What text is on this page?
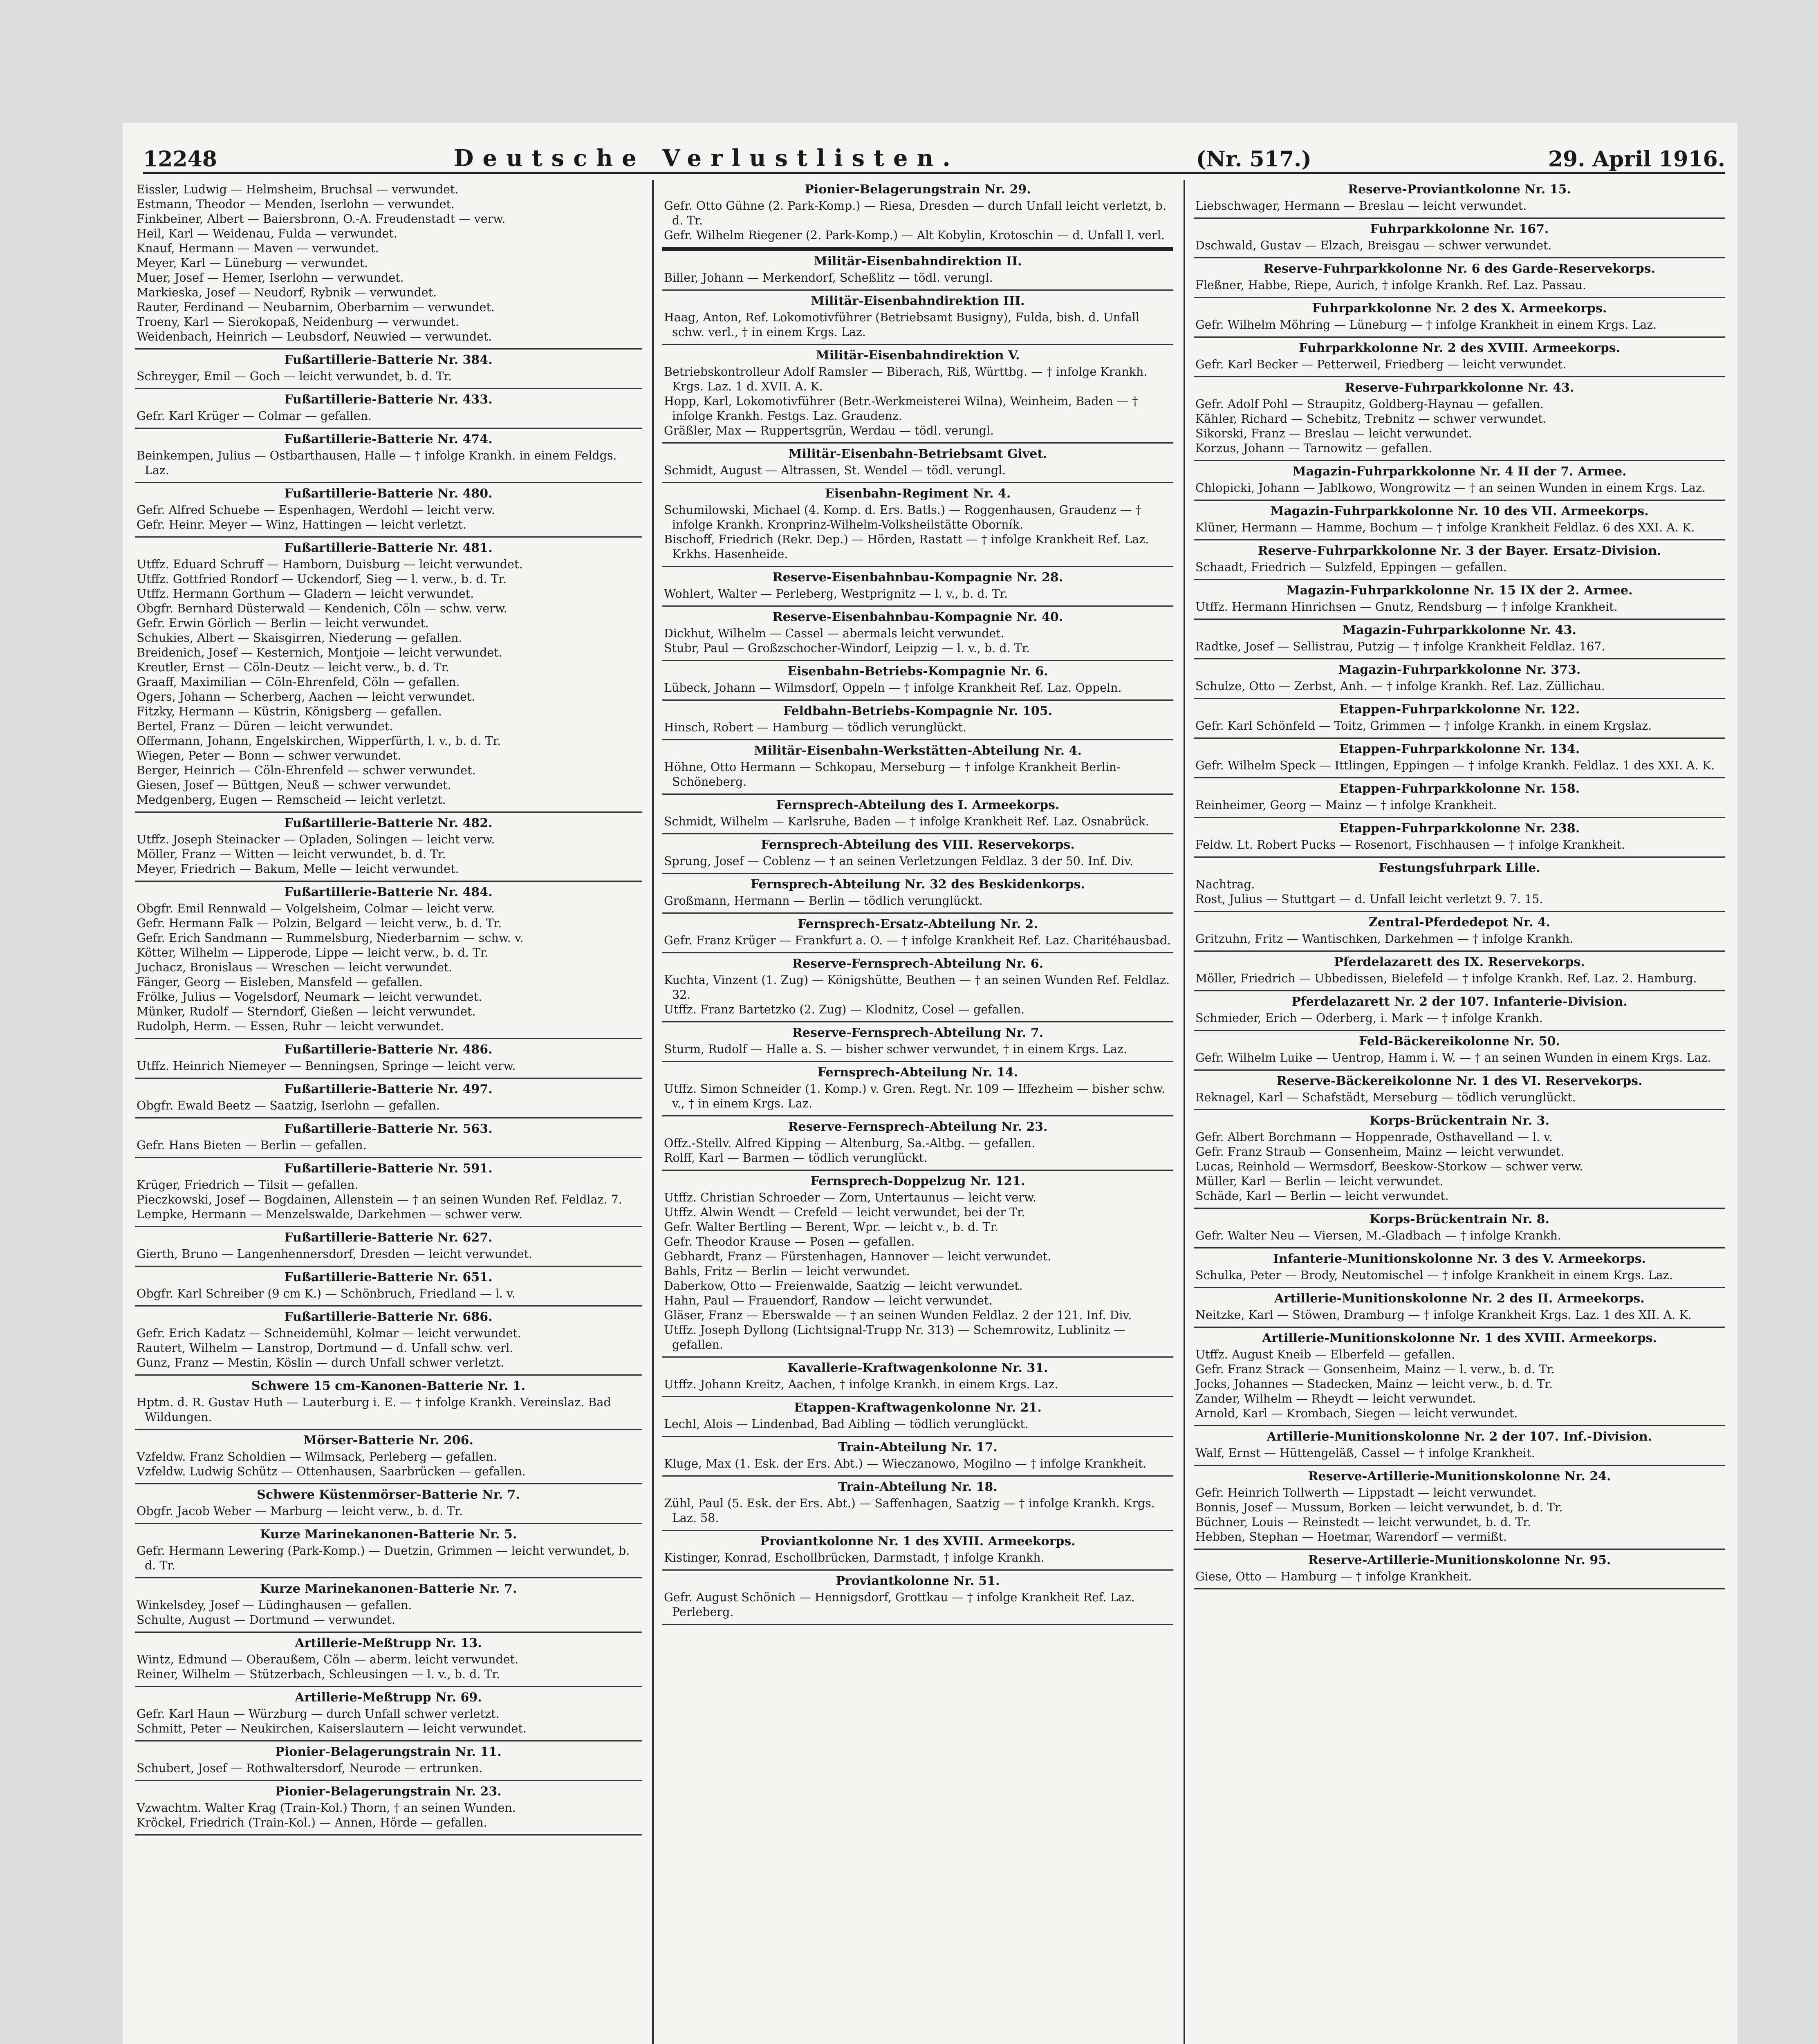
12248	Deutsche Verlustlisten.	(Nr. 517.)	29. April 1916.

Eissler, Ludwig — Helmsheim, Bruchsal — verwundet.

Estmann, Theodor — Menden, Iserlohn — verwundet.

Finkbeiner, Albert — Baiersbronn, O.-A. Freudenstadt — verw.

Heil, Karl — Weidenau, Fulda — verwundet.

Knauf, Hermann — Maven — verwundet.

Meyer, Karl — Lüneburg — verwundet.

Muer, Josef — Hemer, Iserlohn — verwundet.

Markieska, Josef — Neudorf, Rybnik — verwundet.

Rauter, Ferdinand — Neubarnim, Oberbarnim — verwundet.

Troeny, Karl — Sierokopaß, Neidenburg — verwundet.

Weidenbach, Heinrich — Leubsdorf, Neuwied — verwundet.

Fußartillerie-Batterie Nr. 384.

Schreyger, Emil — Goch — leicht verwundet, b. d. Tr.

Fußartillerie-Batterie Nr. 433.

Gefr. Karl Krüger — Colmar — gefallen.

Fußartillerie-Batterie Nr. 474.

Beinkempen, Julius — Ostbarthausen, Halle — † infolge Krankh. in einem Feldgs. Laz.

Fußartillerie-Batterie Nr. 480.

Gefr. Alfred Schuebe — Espenhagen, Werdohl — leicht verw.

Gefr. Heinr. Meyer — Winz, Hattingen — leicht verletzt.

Fußartillerie-Batterie Nr. 481.

Utffz. Eduard Schruff — Hamborn, Duisburg — leicht verwundet.

Utffz. Gottfried Rondorf — Uckendorf, Sieg — l. verw., b. d. Tr.

Utffz. Hermann Gorthum — Gladern — leicht verwundet.

Obgfr. Bernhard Düsterwald — Kendenich, Cöln — schw. verw.

Gefr. Erwin Görlich — Berlin — leicht verwundet.

Schukies, Albert — Skaisgirren, Niederung — gefallen.

Breidenich, Josef — Kesternich, Montjoie — leicht verwundet.

Kreutler, Ernst — Cöln-Deutz — leicht verw., b. d. Tr.

Graaff, Maximilian — Cöln-Ehrenfeld, Cöln — gefallen.

Ogers, Johann — Scherberg, Aachen — leicht verwundet.

Fitzky, Hermann — Küstrin, Königsberg — gefallen.

Bertel, Franz — Düren — leicht verwundet.

Offermann, Johann, Engelskirchen, Wipperfürth, l. v., b. d. Tr.

Wiegen, Peter — Bonn — schwer verwundet.

Berger, Heinrich — Cöln-Ehrenfeld — schwer verwundet.

Giesen, Josef — Büttgen, Neuß — schwer verwundet.

Medgenberg, Eugen — Remscheid — leicht verletzt.

Fußartillerie-Batterie Nr. 482.

Utffz. Joseph Steinacker — Opladen, Solingen — leicht verw.

Möller, Franz — Witten — leicht verwundet, b. d. Tr.

Meyer, Friedrich — Bakum, Melle — leicht verwundet.

Fußartillerie-Batterie Nr. 484.

Obgfr. Emil Rennwald — Volgelsheim, Colmar — leicht verw.

Gefr. Hermann Falk — Polzin, Belgard — leicht verw., b. d. Tr.

Gefr. Erich Sandmann — Rummelsburg, Niederbarnim — schw. v.

Kötter, Wilhelm — Lipperode, Lippe — leicht verw., b. d. Tr.

Juchacz, Bronislaus — Wreschen — leicht verwundet.

Fänger, Georg — Eisleben, Mansfeld — gefallen.

Frölke, Julius — Vogelsdorf, Neumark — leicht verwundet.

Münker, Rudolf — Sterndorf, Gießen — leicht verwundet.

Rudolph, Herm. — Essen, Ruhr — leicht verwundet.

Fußartillerie-Batterie Nr. 486.

Utffz. Heinrich Niemeyer — Benningsen, Springe — leicht verw.

Fußartillerie-Batterie Nr. 497.

Obgfr. Ewald Beetz — Saatzig, Iserlohn — gefallen.

Fußartillerie-Batterie Nr. 563.

Gefr. Hans Bieten — Berlin — gefallen.

Fußartillerie-Batterie Nr. 591.

Krüger, Friedrich — Tilsit — gefallen.

Pieczkowski, Josef — Bogdainen, Allenstein — † an seinen Wunden Ref. Feldlaz. 7.

Lempke, Hermann — Menzelswalde, Darkehmen — schwer verw.

Fußartillerie-Batterie Nr. 627.

Gierth, Bruno — Langenhennersdorf, Dresden — leicht verwundet.

Fußartillerie-Batterie Nr. 651.

Obgfr. Karl Schreiber (9 cm K.) — Schönbruch, Friedland — l. v.

Fußartillerie-Batterie Nr. 686.

Gefr. Erich Kadatz — Schneidemühl, Kolmar — leicht verwundet.

Rautert, Wilhelm — Lanstrop, Dortmund — d. Unfall schw. verl.

Gunz, Franz — Mestin, Köslin — durch Unfall schwer verletzt.

Schwere 15 cm-Kanonen-Batterie Nr. 1.

Hptm. d. R. Gustav Huth — Lauterburg i. E. — † infolge Krankh. Vereinslaz. Bad Wildungen.

Mörser-Batterie Nr. 206.

Vzfeldw. Franz Scholdien — Wilmsack, Perleberg — gefallen.

Vzfeldw. Ludwig Schütz — Ottenhausen, Saarbrücken — gefallen.

Schwere Küstenmörser-Batterie Nr. 7.

Obgfr. Jacob Weber — Marburg — leicht verw., b. d. Tr.

Kurze Marinekanonen-Batterie Nr. 5.

Gefr. Hermann Lewering (Park-Komp.) — Duetzin, Grimmen — leicht verwundet, b. d. Tr.

Kurze Marinekanonen-Batterie Nr. 7.

Winkelsdey, Josef — Lüdinghausen — gefallen.

Schulte, August — Dortmund — verwundet.

Artillerie-Meßtrupp Nr. 13.

Wintz, Edmund — Oberaußem, Cöln — aberm. leicht verwundet.

Reiner, Wilhelm — Stützerbach, Schleusingen — l. v., b. d. Tr.

Artillerie-Meßtrupp Nr. 69.

Gefr. Karl Haun — Würzburg — durch Unfall schwer verletzt.

Schmitt, Peter — Neukirchen, Kaiserslautern — leicht verwundet.

Pionier-Belagerungstrain Nr. 11.

Schubert, Josef — Rothwaltersdorf, Neurode — ertrunken.

Pionier-Belagerungstrain Nr. 23.

Vzwachtm. Walter Krag (Train-Kol.) Thorn, † an seinen Wunden.

Kröckel, Friedrich (Train-Kol.) — Annen, Hörde — gefallen.

Pionier-Belagerungstrain Nr. 29.

Gefr. Otto Gühne (2. Park-Komp.) — Riesa, Dresden — durch Unfall leicht verletzt, b. d. Tr.

Gefr. Wilhelm Riegener (2. Park-Komp.) — Alt Kobylin, Krotoschin — d. Unfall l. verl.

Militär-Eisenbahndirektion II.

Biller, Johann — Merkendorf, Scheßlitz — tödl. verungl.

Militär-Eisenbahndirektion III.

Haag, Anton, Ref. Lokomotivführer (Betriebsamt Busigny), Fulda, bish. d. Unfall schw. verl., † in einem Krgs. Laz.

Militär-Eisenbahndirektion V.

Betriebskontrolleur Adolf Ramsler — Biberach, Riß, Württbg. — † infolge Krankh. Krgs. Laz. 1 d. XVII. A. K.

Hopp, Karl, Lokomotivführer (Betr.-Werkmeisterei Wilna), Weinheim, Baden — † infolge Krankh. Festgs. Laz. Graudenz.

Gräßler, Max — Ruppertsgrün, Werdau — tödl. verungl.

Militär-Eisenbahn-Betriebsamt Givet.

Schmidt, August — Altrassen, St. Wendel — tödl. verungl.

Eisenbahn-Regiment Nr. 4.

Schumilowski, Michael (4. Komp. d. Ers. Batls.) — Roggenhausen, Graudenz — † infolge Krankh. Kronprinz-Wilhelm-Volksheilstätte Oborník.

Bischoff, Friedrich (Rekr. Dep.) — Hörden, Rastatt — † infolge Krankheit Ref. Laz. Krkhs. Hasenheide.

Reserve-Eisenbahnbau-Kompagnie Nr. 28.

Wohlert, Walter — Perleberg, Westprignitz — l. v., b. d. Tr.

Reserve-Eisenbahnbau-Kompagnie Nr. 40.

Dickhut, Wilhelm — Cassel — abermals leicht verwundet.

Stubr, Paul — Großzschocher-Windorf, Leipzig — l. v., b. d. Tr.

Eisenbahn-Betriebs-Kompagnie Nr. 6.

Lübeck, Johann — Wilmsdorf, Oppeln — † infolge Krankheit Ref. Laz. Oppeln.

Feldbahn-Betriebs-Kompagnie Nr. 105.

Hinsch, Robert — Hamburg — tödlich verunglückt.

Militär-Eisenbahn-Werkstätten-Abteilung Nr. 4.

Höhne, Otto Hermann — Schkopau, Merseburg — † infolge Krankheit Berlin-Schöneberg.

Fernsprech-Abteilung des I. Armeekorps.

Schmidt, Wilhelm — Karlsruhe, Baden — † infolge Krankheit Ref. Laz. Osnabrück.

Fernsprech-Abteilung des VIII. Reservekorps.

Sprung, Josef — Coblenz — † an seinen Verletzungen Feldlaz. 3 der 50. Inf. Div.

Fernsprech-Abteilung Nr. 32 des Beskidenkorps.

Großmann, Hermann — Berlin — tödlich verunglückt.

Fernsprech-Ersatz-Abteilung Nr. 2.

Gefr. Franz Krüger — Frankfurt a. O. — † infolge Krankheit Ref. Laz. Charitéhausbad.

Reserve-Fernsprech-Abteilung Nr. 6.

Kuchta, Vinzent (1. Zug) — Königshütte, Beuthen — † an seinen Wunden Ref. Feldlaz. 32.

Utffz. Franz Bartetzko (2. Zug) — Klodnitz, Cosel — gefallen.

Reserve-Fernsprech-Abteilung Nr. 7.

Sturm, Rudolf — Halle a. S. — bisher schwer verwundet, † in einem Krgs. Laz.

Fernsprech-Abteilung Nr. 14.

Utffz. Simon Schneider (1. Komp.) v. Gren. Regt. Nr. 109 — Iffezheim — bisher schw. v., † in einem Krgs. Laz.

Reserve-Fernsprech-Abteilung Nr. 23.

Offz.-Stellv. Alfred Kipping — Altenburg, Sa.-Altbg. — gefallen.

Rolff, Karl — Barmen — tödlich verunglückt.

Fernsprech-Doppelzug Nr. 121.

Utffz. Christian Schroeder — Zorn, Untertaunus — leicht verw.

Utffz. Alwin Wendt — Crefeld — leicht verwundet, bei der Tr.

Gefr. Walter Bertling — Berent, Wpr. — leicht v., b. d. Tr.

Gefr. Theodor Krause — Posen — gefallen.

Gebhardt, Franz — Fürstenhagen, Hannover — leicht verwundet.

Bahls, Fritz — Berlin — leicht verwundet.

Daberkow, Otto — Freienwalde, Saatzig — leicht verwundet.

Hahn, Paul — Frauendorf, Randow — leicht verwundet.

Gläser, Franz — Eberswalde — † an seinen Wunden Feldlaz. 2 der 121. Inf. Div.

Utffz. Joseph Dyllong (Lichtsignal-Trupp Nr. 313) — Schemrowitz, Lublinitz — gefallen.

Kavallerie-Kraftwagenkolonne Nr. 31.

Utffz. Johann Kreitz, Aachen, † infolge Krankh. in einem Krgs. Laz.

Etappen-Kraftwagenkolonne Nr. 21.

Lechl, Alois — Lindenbad, Bad Aibling — tödlich verunglückt.

Train-Abteilung Nr. 17.

Kluge, Max (1. Esk. der Ers. Abt.) — Wieczanowo, Mogilno — † infolge Krankheit.

Train-Abteilung Nr. 18.

Zühl, Paul (5. Esk. der Ers. Abt.) — Saffenhagen, Saatzig — † infolge Krankh. Krgs. Laz. 58.

Proviantkolonne Nr. 1 des XVIII. Armeekorps.

Kistinger, Konrad, Eschollbrücken, Darmstadt, † infolge Krankh.

Proviantkolonne Nr. 51.

Gefr. August Schönich — Hennigsdorf, Grottkau — † infolge Krankheit Ref. Laz. Perleberg.

Reserve-Proviantkolonne Nr. 15.

Liebschwager, Hermann — Breslau — leicht verwundet.

Fuhrparkkolonne Nr. 167.

Dschwald, Gustav — Elzach, Breisgau — schwer verwundet.

Reserve-Fuhrparkkolonne Nr. 6 des Garde-Reservekorps.

Fleßner, Habbe, Riepe, Aurich, † infolge Krankh. Ref. Laz. Passau.

Fuhrparkkolonne Nr. 2 des X. Armeekorps.

Gefr. Wilhelm Möhring — Lüneburg — † infolge Krankheit in einem Krgs. Laz.

Fuhrparkkolonne Nr. 2 des XVIII. Armeekorps.

Gefr. Karl Becker — Petterweil, Friedberg — leicht verwundet.

Reserve-Fuhrparkkolonne Nr. 43.

Gefr. Adolf Pohl — Straupitz, Goldberg-Haynau — gefallen.

Kähler, Richard — Schebitz, Trebnitz — schwer verwundet.

Sikorski, Franz — Breslau — leicht verwundet.

Korzus, Johann — Tarnowitz — gefallen.

Magazin-Fuhrparkkolonne Nr. 4 II der 7. Armee.

Chlopicki, Johann — Jablkowo, Wongrowitz — † an seinen Wunden in einem Krgs. Laz.

Magazin-Fuhrparkkolonne Nr. 10 des VII. Armeekorps.

Klüner, Hermann — Hamme, Bochum — † infolge Krankheit Feldlaz. 6 des XXI. A. K.

Reserve-Fuhrparkkolonne Nr. 3 der Bayer. Ersatz-Division.

Schaadt, Friedrich — Sulzfeld, Eppingen — gefallen.

Magazin-Fuhrparkkolonne Nr. 15 IX der 2. Armee.

Utffz. Hermann Hinrichsen — Gnutz, Rendsburg — † infolge Krankheit.

Magazin-Fuhrparkkolonne Nr. 43.

Radtke, Josef — Sellistrau, Putzig — † infolge Krankheit Feldlaz. 167.

Magazin-Fuhrparkkolonne Nr. 373.

Schulze, Otto — Zerbst, Anh. — † infolge Krankh. Ref. Laz. Züllichau.

Etappen-Fuhrparkkolonne Nr. 122.

Gefr. Karl Schönfeld — Toitz, Grimmen — † infolge Krankh. in einem Krgslaz.

Etappen-Fuhrparkkolonne Nr. 134.

Gefr. Wilhelm Speck — Ittlingen, Eppingen — † infolge Krankh. Feldlaz. 1 des XXI. A. K.

Etappen-Fuhrparkkolonne Nr. 158.

Reinheimer, Georg — Mainz — † infolge Krankheit.

Etappen-Fuhrparkkolonne Nr. 238.

Feldw. Lt. Robert Pucks — Rosenort, Fischhausen — † infolge Krankheit.

Festungsfuhrpark Lille.

Nachtrag.

Rost, Julius — Stuttgart — d. Unfall leicht verletzt 9. 7. 15.

Zentral-Pferdedepot Nr. 4.

Gritzuhn, Fritz — Wantischken, Darkehmen — † infolge Krankh.

Pferdelazarett des IX. Reservekorps.

Möller, Friedrich — Ubbedissen, Bielefeld — † infolge Krankh. Ref. Laz. 2. Hamburg.

Pferdelazarett Nr. 2 der 107. Infanterie-Division.

Schmieder, Erich — Oderberg, i. Mark — † infolge Krankh.

Feld-Bäckereikolonne Nr. 50.

Gefr. Wilhelm Luike — Uentrop, Hamm i. W. — † an seinen Wunden in einem Krgs. Laz.

Reserve-Bäckereikolonne Nr. 1 des VI. Reservekorps.

Reknagel, Karl — Schafstädt, Merseburg — tödlich verunglückt.

Korps-Brückentrain Nr. 3.

Gefr. Albert Borchmann — Hoppenrade, Osthavelland — l. v.

Gefr. Franz Straub — Gonsenheim, Mainz — leicht verwundet.

Lucas, Reinhold — Wermsdorf, Beeskow-Storkow — schwer verw.

Müller, Karl — Berlin — leicht verwundet.

Schäde, Karl — Berlin — leicht verwundet.

Korps-Brückentrain Nr. 8.

Gefr. Walter Neu — Viersen, M.-Gladbach — † infolge Krankh.

Infanterie-Munitionskolonne Nr. 3 des V. Armeekorps.

Schulka, Peter — Brody, Neutomischel — † infolge Krankheit in einem Krgs. Laz.

Artillerie-Munitionskolonne Nr. 2 des II. Armeekorps.

Neitzke, Karl — Stöwen, Dramburg — † infolge Krankheit Krgs. Laz. 1 des XII. A. K.

Artillerie-Munitionskolonne Nr. 1 des XVIII. Armeekorps.

Utffz. August Kneib — Elberfeld — gefallen.

Gefr. Franz Strack — Gonsenheim, Mainz — l. verw., b. d. Tr.

Jocks, Johannes — Stadecken, Mainz — leicht verw., b. d. Tr.

Zander, Wilhelm — Rheydt — leicht verwundet.

Arnold, Karl — Krombach, Siegen — leicht verwundet.

Artillerie-Munitionskolonne Nr. 2 der 107. Inf.-Division.

Walf, Ernst — Hüttengeläß, Cassel — † infolge Krankheit.

Reserve-Artillerie-Munitionskolonne Nr. 24.

Gefr. Heinrich Tollwerth — Lippstadt — leicht verwundet.

Bonnis, Josef — Mussum, Borken — leicht verwundet, b. d. Tr.

Büchner, Louis — Reinstedt — leicht verwundet, b. d. Tr.

Hebben, Stephan — Hoetmar, Warendorf — vermißt.

Reserve-Artillerie-Munitionskolonne Nr. 95.

Giese, Otto — Hamburg — † infolge Krankheit.
